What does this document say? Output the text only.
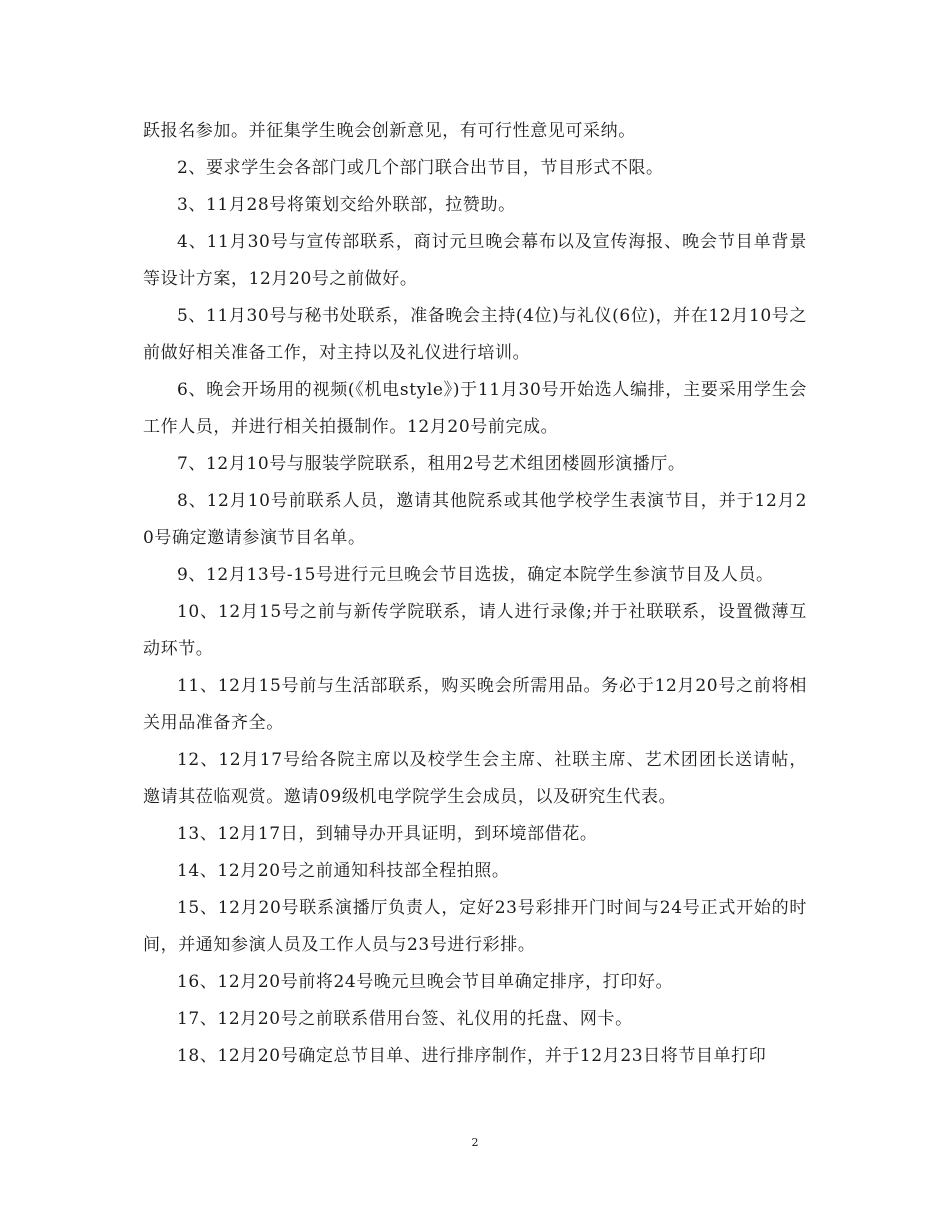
跃报名参加。并征集学生晚会创新意见，有可行性意见可采纳。

2、要求学生会各部门或几个部门联合出节目，节目形式不限。

3、11月28号将策划交给外联部，拉赞助。

4、11月30号与宣传部联系，商讨元旦晚会幕布以及宣传海报、晚会节目单背景等设计方案，12月20号之前做好。

5、11月30号与秘书处联系，准备晚会主持(4位)与礼仪(6位)，并在12月10号之前做好相关准备工作，对主持以及礼仪进行培训。

6、晚会开场用的视频(《机电style》)于11月30号开始选人编排，主要采用学生会工作人员，并进行相关拍摄制作。12月20号前完成。

7、12月10号与服装学院联系，租用2号艺术组团楼圆形演播厅。

8、12月10号前联系人员，邀请其他院系或其他学校学生表演节目，并于12月20号确定邀请参演节目名单。

9、12月13号-15号进行元旦晚会节目选拔，确定本院学生参演节目及人员。

10、12月15号之前与新传学院联系，请人进行录像;并于社联联系，设置微薄互动环节。

11、12月15号前与生活部联系，购买晚会所需用品。务必于12月20号之前将相关用品准备齐全。

12、12月17号给各院主席以及校学生会主席、社联主席、艺术团团长送请帖，邀请其莅临观赏。邀请09级机电学院学生会成员，以及研究生代表。

13、12月17日，到辅导办开具证明，到环境部借花。

14、12月20号之前通知科技部全程拍照。

15、12月20号联系演播厅负责人，定好23号彩排开门时间与24号正式开始的时间，并通知参演人员及工作人员与23号进行彩排。

16、12月20号前将24号晚元旦晚会节目单确定排序，打印好。

17、12月20号之前联系借用台签、礼仪用的托盘、网卡。

18、12月20号确定总节目单、进行排序制作，并于12月23日将节目单打印

2
